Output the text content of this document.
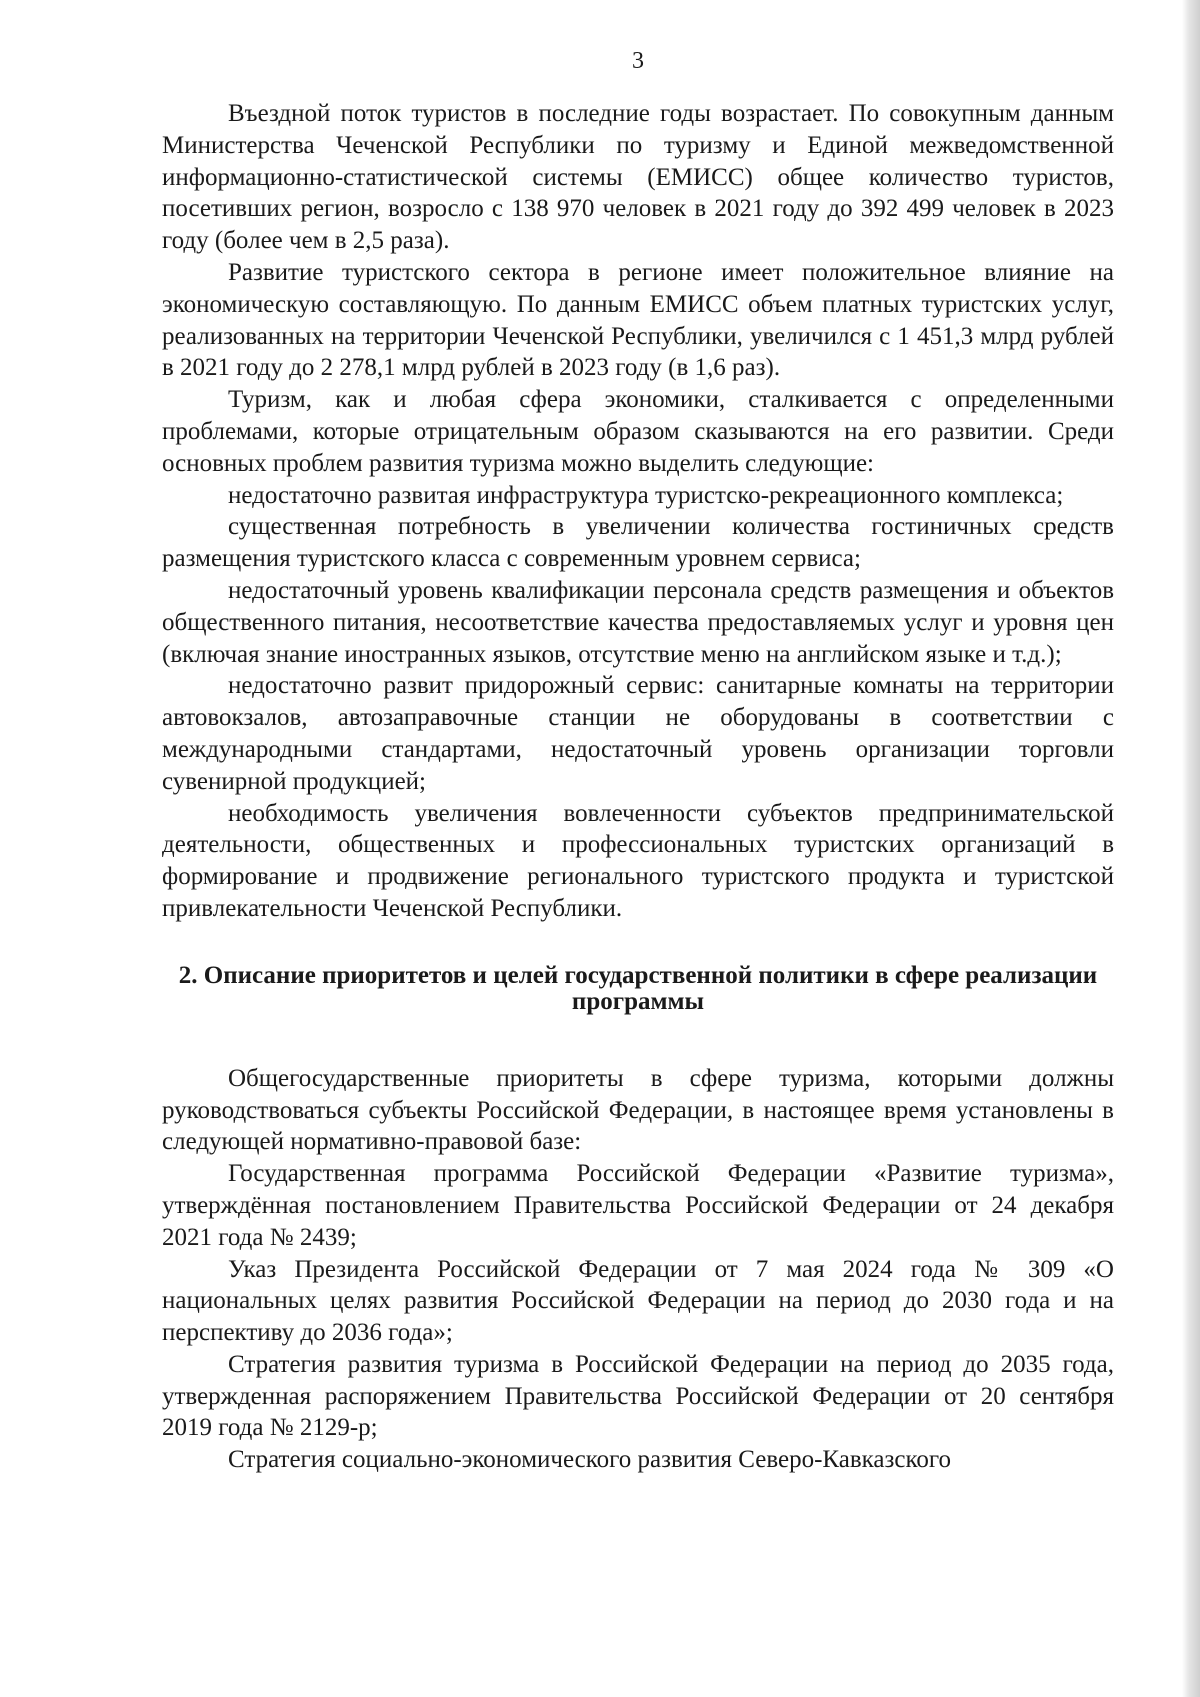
3

Въездной поток туристов в последние годы возрастает. По совокупным данным Министерства Чеченской Республики по туризму и Единой межведомственной информационно-статистической системы (ЕМИСС) общее количество туристов, посетивших регион, возросло с 138 970 человек в 2021 году до 392 499 человек в 2023 году (более чем в 2,5 раза).

Развитие туристского сектора в регионе имеет положительное влияние на экономическую составляющую. По данным ЕМИСС объем платных туристских услуг, реализованных на территории Чеченской Республики, увеличился с 1 451,3 млрд рублей в 2021 году до 2 278,1 млрд рублей в 2023 году (в 1,6 раз).

Туризм, как и любая сфера экономики, сталкивается с определенными проблемами, которые отрицательным образом сказываются на его развитии. Среди основных проблем развития туризма можно выделить следующие:

недостаточно развитая инфраструктура туристско-рекреационного комплекса;

существенная потребность в увеличении количества гостиничных средств размещения туристского класса с современным уровнем сервиса;

недостаточный уровень квалификации персонала средств размещения и объектов общественного питания, несоответствие качества предоставляемых услуг и уровня цен (включая знание иностранных языков, отсутствие меню на английском языке и т.д.);

недостаточно развит придорожный сервис: санитарные комнаты на территории автовокзалов, автозаправочные станции не оборудованы в соответствии с международными стандартами, недостаточный уровень организации торговли сувенирной продукцией;

необходимость увеличения вовлеченности субъектов предпринимательской деятельности, общественных и профессиональных туристских организаций в формирование и продвижение регионального туристского продукта и туристской привлекательности Чеченской Республики.

2. Описание приоритетов и целей государственной политики в сфере реализации программы

Общегосударственные приоритеты в сфере туризма, которыми должны руководствоваться субъекты Российской Федерации, в настоящее время установлены в следующей нормативно-правовой базе:

Государственная программа Российской Федерации «Развитие туризма», утверждённая постановлением Правительства Российской Федерации от 24 декабря 2021 года № 2439;

Указ Президента Российской Федерации от 7 мая 2024 года № 309 «О национальных целях развития Российской Федерации на период до 2030 года и на перспективу до 2036 года»;

Стратегия развития туризма в Российской Федерации на период до 2035 года, утвержденная распоряжением Правительства Российской Федерации от 20 сентября 2019 года № 2129-р;

Стратегия социально-экономического развития Северо-Кавказского
